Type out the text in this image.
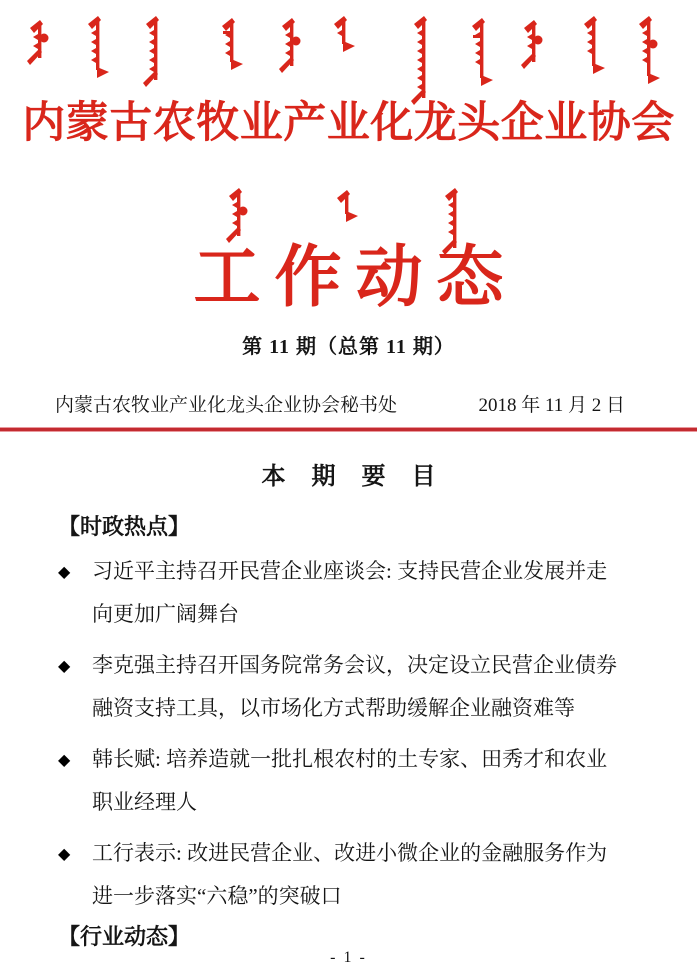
内蒙古农牧业产业化龙头企业协会
工作动态
第 11 期（总第 11 期）
内蒙古农牧业产业化龙头企业协会秘书处	2018 年 11 月 2 日
本 期 要 目
【时政热点】
◆	习近平主持召开民营企业座谈会: 支持民营企业发展并走
向更加广阔舞台
◆	李克强主持召开国务院常务会议，决定设立民营企业债券
融资支持工具，以市场化方式帮助缓解企业融资难等
◆	韩长赋: 培养造就一批扎根农村的土专家、田秀才和农业
职业经理人
◆	工行表示: 改进民营企业、改进小微企业的金融服务作为
进一步落实“六稳”的突破口
【行业动态】
- 1 -
